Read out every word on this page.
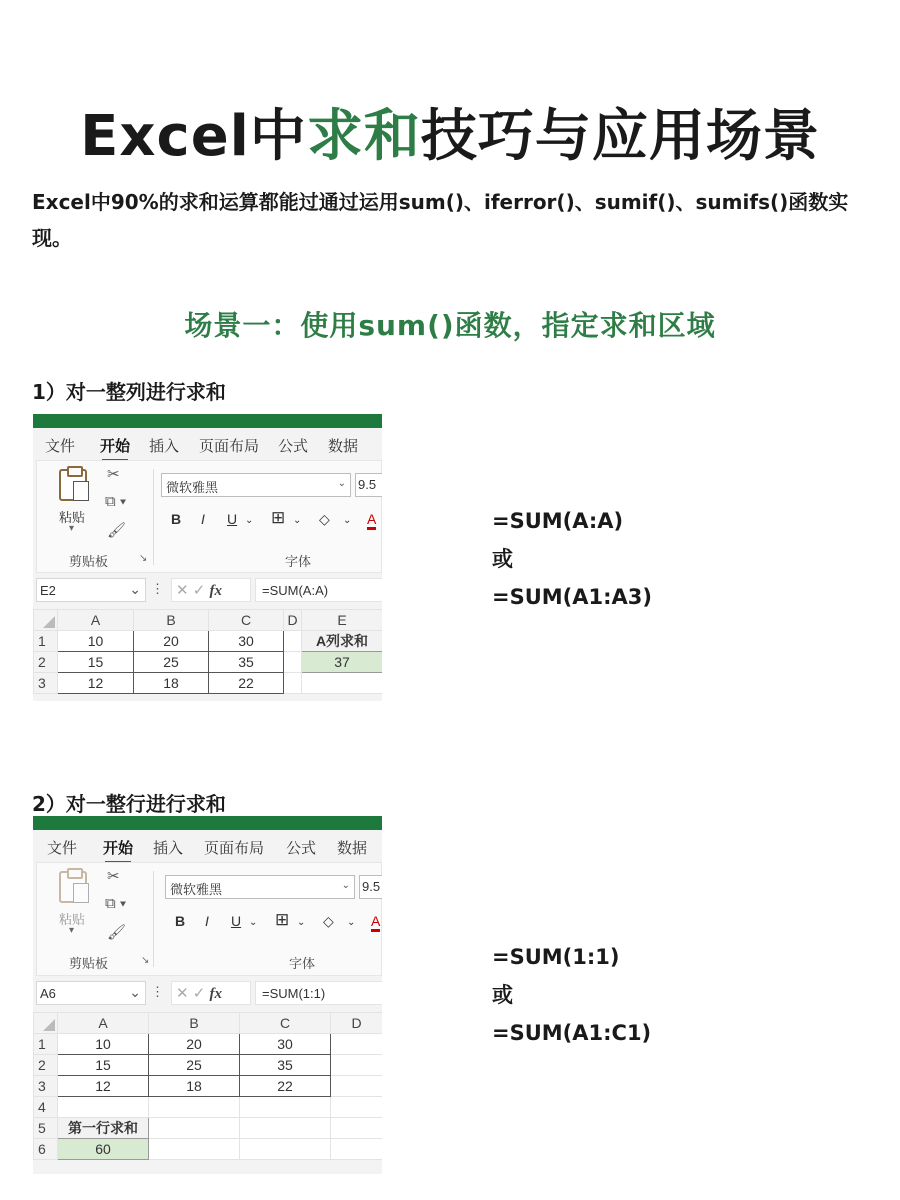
Excel中求和技巧与应用场景
Excel中90%的求和运算都能过通过运用sum()、iferror()、sumif()、sumifs()函数实现。
场景一：使用sum()函数，指定求和区域
1）对一整列进行求和
文件 开始 插入 页面布局 公式 数据
粘贴
▾
✂
⧉ ▾
🖌
剪贴板	↘
微软雅黑	⌄ 9.5
B I U ⌄ ⊞ ⌄ ◇ ⌄ A
字体
E2	⌄ ⋮ ✕ ✓ fx	=SUM(A:A)
	A	B	C	D	E
1	10	20	30		A列求和
2	15	25	35		37
3	12	18	22		
=SUM(A:A)
或
=SUM(A1:A3)
2）对一整行进行求和
文件 开始 插入 页面布局 公式 数据
粘贴
▾
✂
⧉ ▾
🖌
剪贴板	↘
微软雅黑	⌄ 9.5
B I U ⌄ ⊞ ⌄ ◇ ⌄ A
字体
A6	⌄ ⋮ ✕ ✓ fx	=SUM(1:1)
	A	B	C	D
1	10	20	30	
2	15	25	35	
3	12	18	22	
4				
5	第一行求和			
6	60			
=SUM(1:1)
或
=SUM(A1:C1)
